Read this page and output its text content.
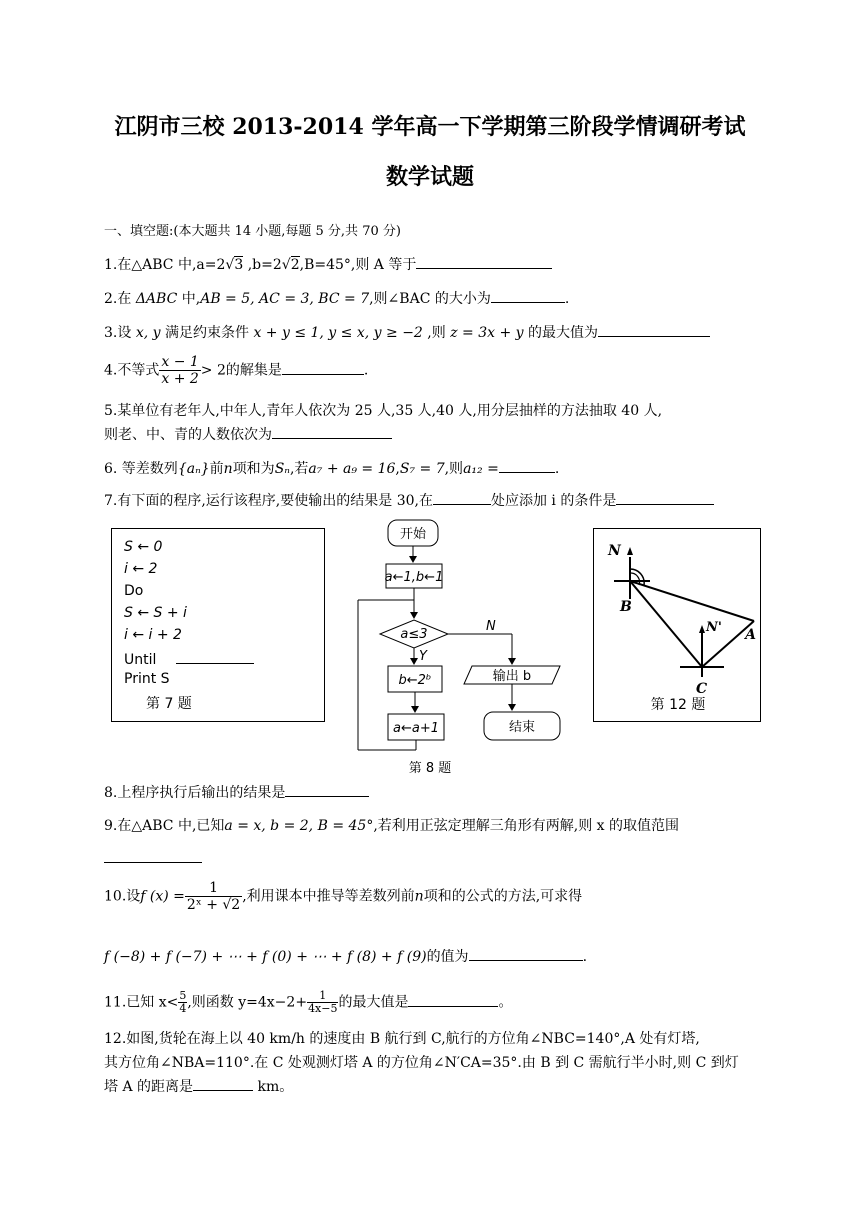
江阴市三校 2013-2014 学年高一下学期第三阶段学情调研考试
数学试题
一、填空题:(本大题共 14 小题,每题 5 分,共 70 分)
1.在△ABC 中,a=2√3 ,b=2√2,B=45°,则 A 等于
2.在 ΔABC 中,AB = 5, AC = 3, BC = 7,则∠BAC 的大小为	.
3.设 x, y 满足约束条件 x + y ≤ 1, y ≤ x, y ≥ −2 ,则 z = 3x + y 的最大值为
4.不等式 $\frac{x - 1}{x + 2} > 2$的解集是	.
5.某单位有老年人,中年人,青年人依次为 25 人,35 人,40 人,用分层抽样的方法抽取 40 人,
则老、中、青的人数依次为
6. 等差数列{aₙ}前n项和为Sₙ,若a₇ + a₉ = 16,S₇ = 7,则a₁₂ =	.
7.有下面的程序,运行该程序,要使输出的结果是 30,在	处应添加 i 的条件是
S ← 0
i ← 2
Do
S ← S + i
i ← i + 2
Until
Print S
第 7 题
开始
a←1,b←1
a≤3
Y
b←2ᵇ
a←a+1
N
输出 b
结束
第 8 题
N
N'
B
A
C
第 12 题
8.上程序执行后输出的结果是
9.在△ABC 中,已知a = x, b = 2, B = 45°,若利用正弦定理解三角形有两解,则 x 的取值范围
10.设f $(x) = \frac{1}{\text{2ˣ + √2}}$ ,利用课本中推导等差数列前n项和的公式的方法,可求得
f (−8) + f (−7) + ⋯ + f (0) + ⋯ + f (8) + f (9)的值为	.
11.已知 $x< \frac{5}{4}$ ,则函数 $y=4x-2+ \frac{1}{4x-5}$ 的最大值是	。
12.如图,货轮在海上以 40 km/h 的速度由 B 航行到 C,航行的方位角∠NBC=140°,A 处有灯塔,
其方位角∠NBA=110°.在 C 处观测灯塔 A 的方位角∠N′CA=35°.由 B 到 C 需航行半小时,则 C 到灯
塔 A 的距离是	km。
